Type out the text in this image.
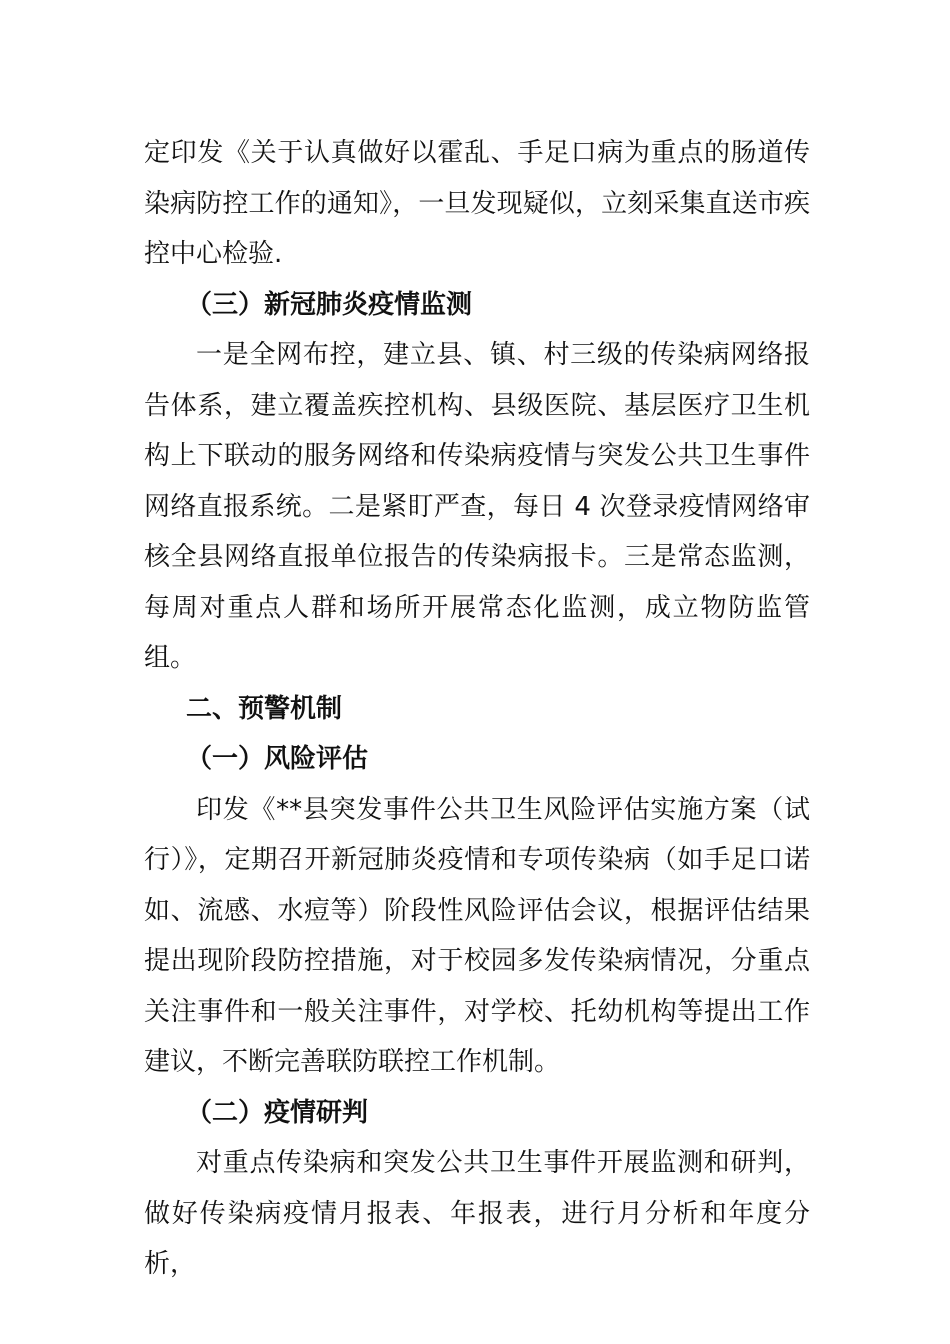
定印发《关于认真做好以霍乱、手足口病为重点的肠道传染病防控工作的通知》，一旦发现疑似，立刻采集直送市疾控中心检验.

（三）新冠肺炎疫情监测

一是全网布控，建立县、镇、村三级的传染病网络报告体系，建立覆盖疾控机构、县级医院、基层医疗卫生机构上下联动的服务网络和传染病疫情与突发公共卫生事件网络直报系统。二是紧盯严查，每日 4 次登录疫情网络审核全县网络直报单位报告的传染病报卡。三是常态监测，每周对重点人群和场所开展常态化监测，成立物防监管组。

二、预警机制

（一）风险评估

印发《**县突发事件公共卫生风险评估实施方案（试行）》，定期召开新冠肺炎疫情和专项传染病（如手足口诺如、流感、水痘等）阶段性风险评估会议，根据评估结果提出现阶段防控措施，对于校园多发传染病情况，分重点关注事件和一般关注事件，对学校、托幼机构等提出工作建议，不断完善联防联控工作机制。

（二）疫情研判

对重点传染病和突发公共卫生事件开展监测和研判，做好传染病疫情月报表、年报表，进行月分析和年度分析，
